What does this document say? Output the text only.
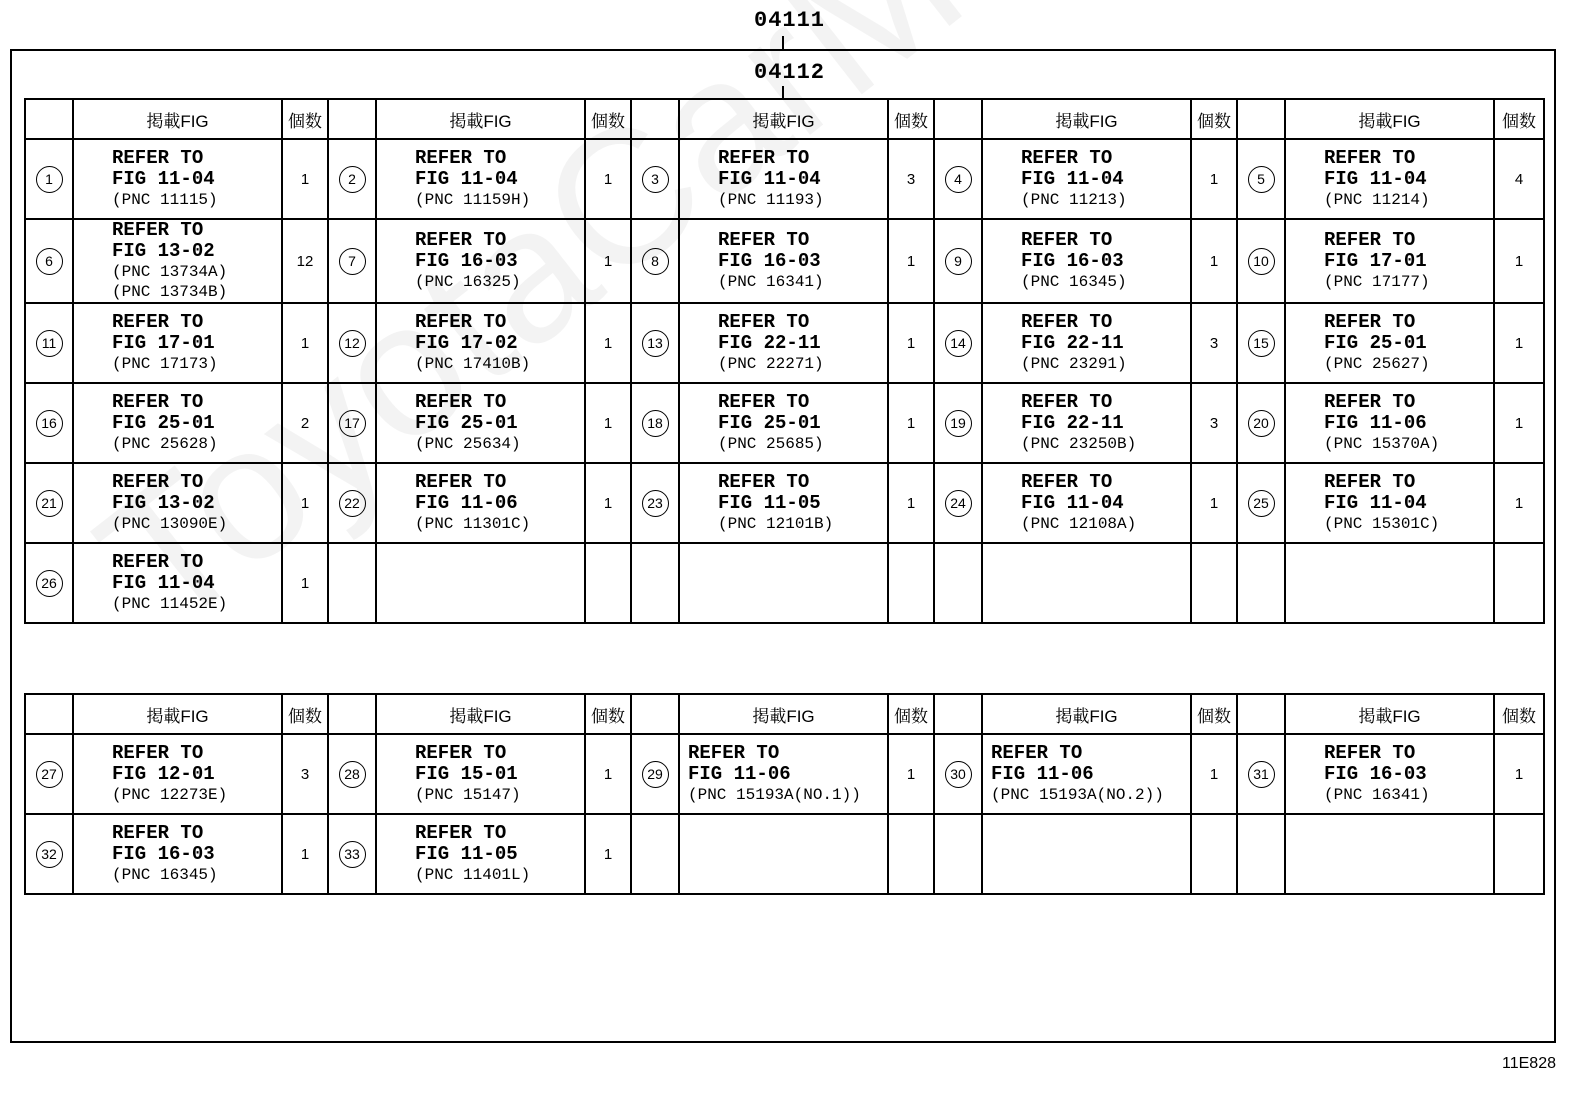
04111
04112
	掲載FIG	個数		掲載FIG	個数		掲載FIG	個数		掲載FIG	個数		掲載FIG	個数
1	REFER TO
FIG 11-04
(PNC 11115)	1	2	REFER TO
FIG 11-04
(PNC 11159H)	1	3	REFER TO
FIG 11-04
(PNC 11193)	3	4	REFER TO
FIG 11-04
(PNC 11213)	1	5	REFER TO
FIG 11-04
(PNC 11214)	4
6	REFER TO
FIG 13-02
(PNC 13734A)
(PNC 13734B)	12	7	REFER TO
FIG 16-03
(PNC 16325)	1	8	REFER TO
FIG 16-03
(PNC 16341)	1	9	REFER TO
FIG 16-03
(PNC 16345)	1	10	REFER TO
FIG 17-01
(PNC 17177)	1
11	REFER TO
FIG 17-01
(PNC 17173)	1	12	REFER TO
FIG 17-02
(PNC 17410B)	1	13	REFER TO
FIG 22-11
(PNC 22271)	1	14	REFER TO
FIG 22-11
(PNC 23291)	3	15	REFER TO
FIG 25-01
(PNC 25627)	1
16	REFER TO
FIG 25-01
(PNC 25628)	2	17	REFER TO
FIG 25-01
(PNC 25634)	1	18	REFER TO
FIG 25-01
(PNC 25685)	1	19	REFER TO
FIG 22-11
(PNC 23250B)	3	20	REFER TO
FIG 11-06
(PNC 15370A)	1
21	REFER TO
FIG 13-02
(PNC 13090E)	1	22	REFER TO
FIG 11-06
(PNC 11301C)	1	23	REFER TO
FIG 11-05
(PNC 12101B)	1	24	REFER TO
FIG 11-04
(PNC 12108A)	1	25	REFER TO
FIG 11-04
(PNC 15301C)	1
26	REFER TO
FIG 11-04
(PNC 11452E)	1												
	掲載FIG	個数		掲載FIG	個数		掲載FIG	個数		掲載FIG	個数		掲載FIG	個数
27	REFER TO
FIG 12-01
(PNC 12273E)	3	28	REFER TO
FIG 15-01
(PNC 15147)	1	29	REFER TO
FIG 11-06
(PNC 15193A(NO.1))	1	30	REFER TO
FIG 11-06
(PNC 15193A(NO.2))	1	31	REFER TO
FIG 16-03
(PNC 16341)	1
32	REFER TO
FIG 16-03
(PNC 16345)	1	33	REFER TO
FIG 11-05
(PNC 11401L)	1									
11E828
